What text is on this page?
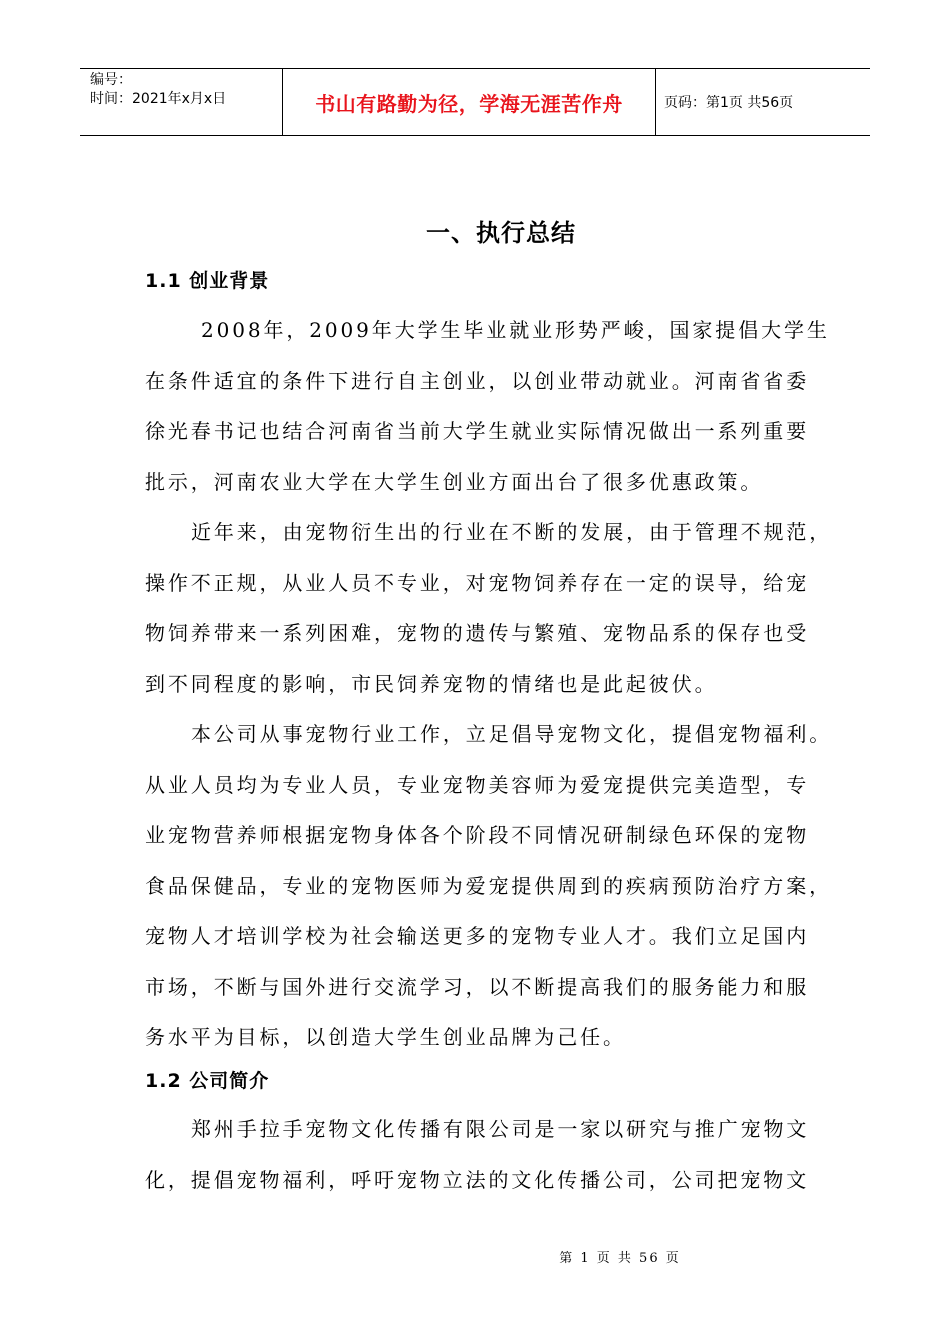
编号：
时间：2021年x月x日	书山有路勤为径，学海无涯苦作舟	页码：第1页 共56页
一、执行总结
1.1 创业背景

2008年，2009年大学生毕业就业形势严峻，国家提倡大学生
在条件适宜的条件下进行自主创业，以创业带动就业。河南省省委
徐光春书记也结合河南省当前大学生就业实际情况做出一系列重要
批示，河南农业大学在大学生创业方面出台了很多优惠政策。

近年来，由宠物衍生出的行业在不断的发展，由于管理不规范，
操作不正规，从业人员不专业，对宠物饲养存在一定的误导，给宠
物饲养带来一系列困难，宠物的遗传与繁殖、宠物品系的保存也受
到不同程度的影响，市民饲养宠物的情绪也是此起彼伏。

本公司从事宠物行业工作，立足倡导宠物文化，提倡宠物福利。
从业人员均为专业人员，专业宠物美容师为爱宠提供完美造型，专
业宠物营养师根据宠物身体各个阶段不同情况研制绿色环保的宠物
食品保健品，专业的宠物医师为爱宠提供周到的疾病预防治疗方案，
宠物人才培训学校为社会输送更多的宠物专业人才。我们立足国内
市场，不断与国外进行交流学习，以不断提高我们的服务能力和服
务水平为目标，以创造大学生创业品牌为己任。

1.2 公司简介

郑州手拉手宠物文化传播有限公司是一家以研究与推广宠物文
化，提倡宠物福利，呼吁宠物立法的文化传播公司，公司把宠物文

第 1 页 共 56 页
